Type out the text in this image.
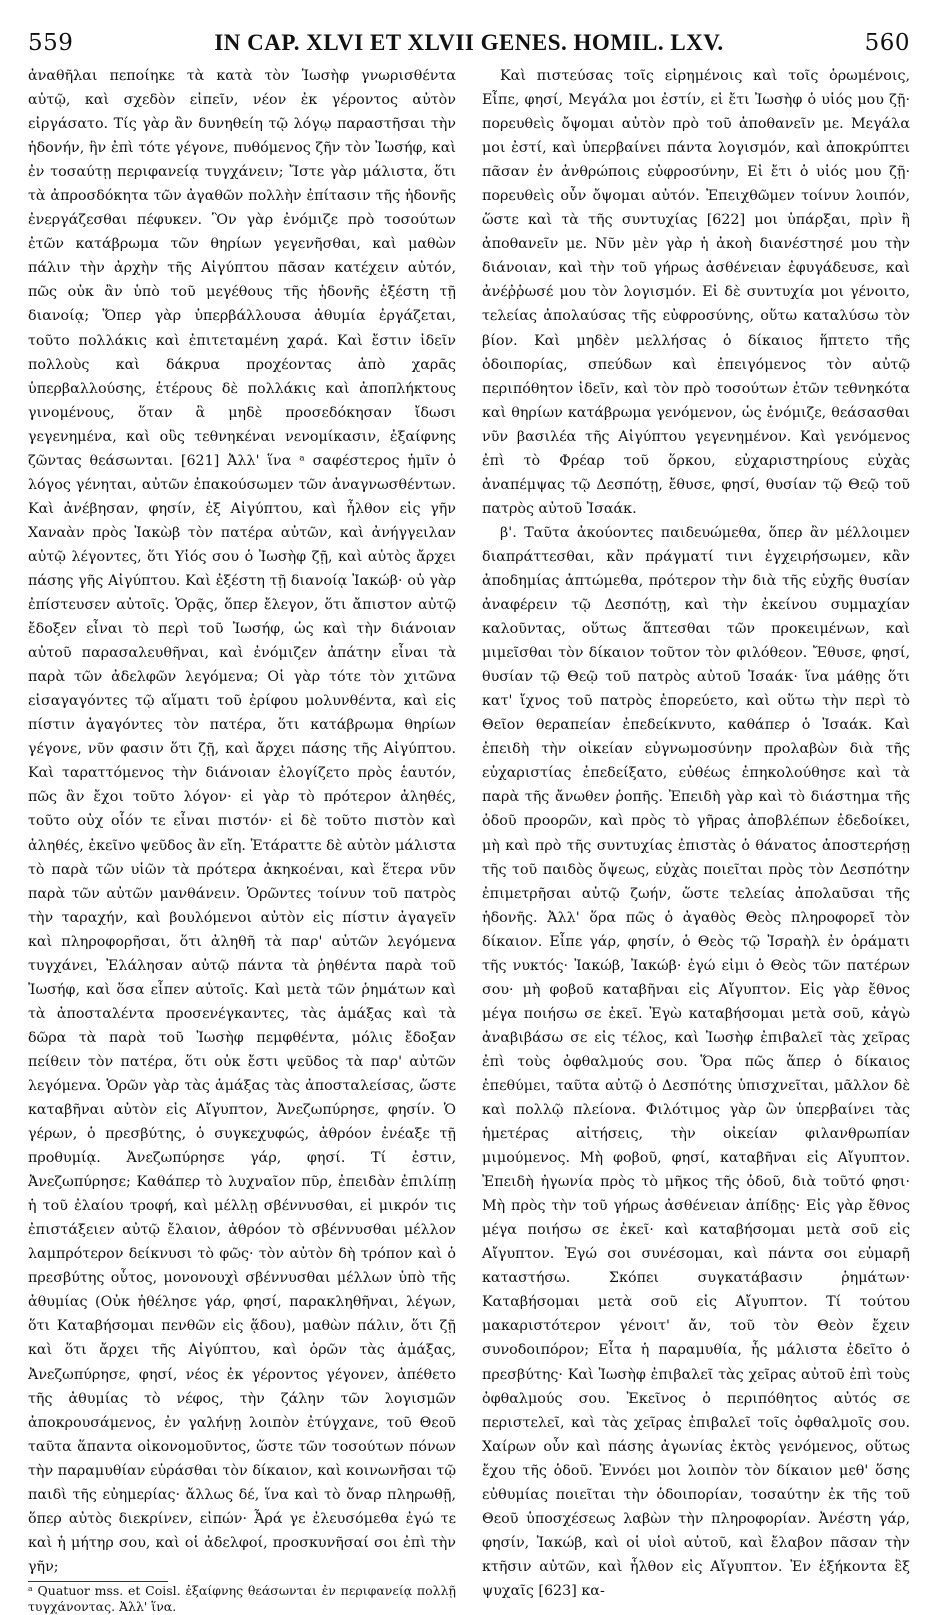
559	IN CAP. XLVI ET XLVII GENES. HOMIL. LXV.	560

ἀναθῆλαι πεποίηκε τὰ κατὰ τὸν Ἰωσὴφ γνωρισθέντα αὐτῷ, καὶ σχεδὸν εἰπεῖν, νέον ἐκ γέροντος αὐτὸν εἰργάσατο. Τίς γὰρ ἂν δυνηθείη τῷ λόγῳ παραστῆσαι τὴν ἡδονήν, ἣν ἐπὶ τότε γέγονε, πυθόμενος ζῆν τὸν Ἰωσήφ, καὶ ἐν τοσαύτῃ περιφανείᾳ τυγχάνειν; Ἴστε γὰρ μάλιστα, ὅτι τὰ ἀπροσδόκητα τῶν ἀγαθῶν πολλὴν ἐπίτασιν τῆς ἡδονῆς ἐνεργάζεσθαι πέφυκεν. Ὃν γὰρ ἐνόμιζε πρὸ τοσούτων ἐτῶν κατάβρωμα τῶν θηρίων γεγενῆσθαι, καὶ μαθὼν πάλιν τὴν ἀρχὴν τῆς Αἰγύπτου πᾶσαν κατέχειν αὐτόν, πῶς οὐκ ἂν ὑπὸ τοῦ μεγέθους τῆς ἡδονῆς ἐξέστη τῇ διανοίᾳ; Ὅπερ γὰρ ὑπερβάλλουσα ἀθυμία ἐργάζεται, τοῦτο πολλάκις καὶ ἐπιτεταμένη χαρά. Καὶ ἔστιν ἰδεῖν πολλοὺς καὶ δάκρυα προχέοντας ἀπὸ χαρᾶς ὑπερβαλλούσης, ἑτέρους δὲ πολλάκις καὶ ἀποπλήκτους γινομένους, ὅταν ἃ μηδὲ προσεδόκησαν ἴδωσι γεγενημένα, καὶ οὓς τεθνηκέναι νενομίκασιν, ἐξαίφνης ζῶντας θεάσωνται. [621] Ἀλλ' ἵνα ᵃ σαφέστερος ἡμῖν ὁ λόγος γένηται, αὐτῶν ἐπακούσωμεν τῶν ἀναγνωσθέντων. Καὶ ἀνέβησαν, φησίν, ἐξ Αἰγύπτου, καὶ ἦλθον εἰς γῆν Χαναὰν πρὸς Ἰακὼβ τὸν πατέρα αὐτῶν, καὶ ἀνήγγειλαν αὐτῷ λέγοντες, ὅτι Υἱός σου ὁ Ἰωσὴφ ζῇ, καὶ αὐτὸς ἄρχει πάσης γῆς Αἰγύπτου. Καὶ ἐξέστη τῇ διανοίᾳ Ἰακώβ· οὐ γὰρ ἐπίστευσεν αὐτοῖς. Ὁρᾷς, ὅπερ ἔλεγον, ὅτι ἄπιστον αὐτῷ ἔδοξεν εἶναι τὸ περὶ τοῦ Ἰωσήφ, ὡς καὶ τὴν διάνοιαν αὐτοῦ παρασαλευθῆναι, καὶ ἐνόμιζεν ἀπάτην εἶναι τὰ παρὰ τῶν ἀδελφῶν λεγόμενα; Οἱ γὰρ τότε τὸν χιτῶνα εἰσαγαγόντες τῷ αἵματι τοῦ ἐρίφου μολυνθέντα, καὶ εἰς πίστιν ἀγαγόντες τὸν πατέρα, ὅτι κατάβρωμα θηρίων γέγονε, νῦν φασιν ὅτι ζῇ, καὶ ἄρχει πάσης τῆς Αἰγύπτου. Καὶ ταραττόμενος τὴν διάνοιαν ἐλογίζετο πρὸς ἑαυτόν, πῶς ἂν ἔχοι τοῦτο λόγον· εἰ γὰρ τὸ πρότερον ἀληθές, τοῦτο οὐχ οἷόν τε εἶναι πιστόν· εἰ δὲ τοῦτο πιστὸν καὶ ἀληθές, ἐκεῖνο ψεῦδος ἂν εἴη. Ἐτάραττε δὲ αὐτὸν μάλιστα τὸ παρὰ τῶν υἱῶν τὰ πρότερα ἀκηκοέναι, καὶ ἕτερα νῦν παρὰ τῶν αὐτῶν μανθάνειν. Ὁρῶντες τοίνυν τοῦ πατρὸς τὴν ταραχήν, καὶ βουλόμενοι αὐτὸν εἰς πίστιν ἀγαγεῖν καὶ πληροφορῆσαι, ὅτι ἀληθῆ τὰ παρ' αὐτῶν λεγόμενα τυγχάνει, Ἐλάλησαν αὐτῷ πάντα τὰ ῥηθέντα παρὰ τοῦ Ἰωσήφ, καὶ ὅσα εἶπεν αὐτοῖς. Καὶ μετὰ τῶν ῥημάτων καὶ τὰ ἀποσταλέντα προσενέγκαντες, τὰς ἁμάξας καὶ τὰ δῶρα τὰ παρὰ τοῦ Ἰωσὴφ πεμφθέντα, μόλις ἔδοξαν πείθειν τὸν πατέρα, ὅτι οὐκ ἔστι ψεῦδος τὰ παρ' αὐτῶν λεγόμενα. Ὁρῶν γὰρ τὰς ἁμάξας τὰς ἀποσταλείσας, ὥστε καταβῆναι αὐτὸν εἰς Αἴγυπτον, Ἀνεζωπύρησε, φησίν. Ὁ γέρων, ὁ πρεσβύτης, ὁ συγκεχυφώς, ἀθρόον ἐνέαξε τῇ προθυμίᾳ. Ἀνεζωπύρησε γάρ, φησί. Τί ἐστιν, Ἀνεζωπύρησε; Καθάπερ τὸ λυχναῖον πῦρ, ἐπειδὰν ἐπιλίπῃ ἡ τοῦ ἐλαίου τροφή, καὶ μέλλῃ σβέννυσθαι, εἰ μικρόν τις ἐπιστάξειεν αὐτῷ ἔλαιον, ἀθρόον τὸ σβέννυσθαι μέλλον λαμπρότερον δείκνυσι τὸ φῶς· τὸν αὐτὸν δὴ τρόπον καὶ ὁ πρεσβύτης οὗτος, μονονουχὶ σβέννυσθαι μέλλων ὑπὸ τῆς ἀθυμίας (Οὐκ ἠθέλησε γάρ, φησί, παρακληθῆναι, λέγων, ὅτι Καταβήσομαι πενθῶν εἰς ᾅδου), μαθὼν πάλιν, ὅτι ζῇ καὶ ὅτι ἄρχει τῆς Αἰγύπτου, καὶ ὁρῶν τὰς ἁμάξας, Ἀνεζωπύρησε, φησί, νέος ἐκ γέροντος γέγονεν, ἀπέθετο τῆς ἀθυμίας τὸ νέφος, τὴν ζάλην τῶν λογισμῶν ἀποκρουσάμενος, ἐν γαλήνῃ λοιπὸν ἐτύγχανε, τοῦ Θεοῦ ταῦτα ἅπαντα οἰκονομοῦντος, ὥστε τῶν τοσούτων πόνων τὴν παραμυθίαν εὑράσθαι τὸν δίκαιον, καὶ κοινωνῆσαι τῷ παιδὶ τῆς εὐημερίας· ἄλλως δέ, ἵνα καὶ τὸ ὄναρ πληρωθῇ, ὅπερ αὐτὸς διεκρίνεν, εἰπών· Ἆρά γε ἐλευσόμεθα ἐγώ τε καὶ ἡ μήτηρ σου, καὶ οἱ ἀδελφοί, προσκυνῆσαί σοι ἐπὶ τὴν γῆν;

ᵃ Quatuor mss. et Coisl. ἐξαίφνης θεάσωνται ἐν περιφανείᾳ πολλῇ τυγχάνοντας. Ἀλλ' ἵνα.

Καὶ πιστεύσας τοῖς εἰρημένοις καὶ τοῖς ὁρωμένοις, Εἶπε, φησί, Μεγάλα μοι ἐστίν, εἰ ἔτι Ἰωσὴφ ὁ υἱός μου ζῇ· πορευθεὶς ὄψομαι αὐτὸν πρὸ τοῦ ἀποθανεῖν με. Μεγάλα μοι ἐστί, καὶ ὑπερβαίνει πάντα λογισμόν, καὶ ἀποκρύπτει πᾶσαν ἐν ἀνθρώποις εὐφροσύνην, Εἰ ἔτι ὁ υἱός μου ζῇ· πορευθεὶς οὖν ὄψομαι αὐτόν. Ἐπειχθῶμεν τοίνυν λοιπόν, ὥστε καὶ τὰ τῆς συντυχίας [622] μοι ὑπάρξαι, πρὶν ἢ ἀποθανεῖν με. Νῦν μὲν γὰρ ἡ ἀκοὴ διανέστησέ μου τὴν διάνοιαν, καὶ τὴν τοῦ γήρως ἀσθένειαν ἐφυγάδευσε, καὶ ἀνέῤῥωσέ μου τὸν λογισμόν. Εἰ δὲ συντυχία μοι γένοιτο, τελείας ἀπολαύσας τῆς εὐφροσύνης, οὕτω καταλύσω τὸν βίον. Καὶ μηδὲν μελλήσας ὁ δίκαιος ἥπτετο τῆς ὁδοιπορίας, σπεύδων καὶ ἐπειγόμενος τὸν αὐτῷ περιπόθητον ἰδεῖν, καὶ τὸν πρὸ τοσούτων ἐτῶν τεθνηκότα καὶ θηρίων κατάβρωμα γενόμενον, ὡς ἐνόμιζε, θεάσασθαι νῦν βασιλέα τῆς Αἰγύπτου γεγενημένον. Καὶ γενόμενος ἐπὶ τὸ Φρέαρ τοῦ ὅρκου, εὐχαριστηρίους εὐχὰς ἀναπέμψας τῷ Δεσπότῃ, ἔθυσε, φησί, θυσίαν τῷ Θεῷ τοῦ πατρὸς αὐτοῦ Ἰσαάκ.

β'. Ταῦτα ἀκούοντες παιδευώμεθα, ὅπερ ἂν μέλλοιμεν διαπράττεσθαι, κἂν πράγματί τινι ἐγχειρήσωμεν, κἂν ἀποδημίας ἁπτώμεθα, πρότερον τὴν διὰ τῆς εὐχῆς θυσίαν ἀναφέρειν τῷ Δεσπότῃ, καὶ τὴν ἐκείνου συμμαχίαν καλοῦντας, οὕτως ἅπτεσθαι τῶν προκειμένων, καὶ μιμεῖσθαι τὸν δίκαιον τοῦτον τὸν φιλόθεον. Ἔθυσε, φησί, θυσίαν τῷ Θεῷ τοῦ πατρὸς αὐτοῦ Ἰσαάκ· ἵνα μάθῃς ὅτι κατ' ἴχνος τοῦ πατρὸς ἐπορεύετο, καὶ οὕτω τὴν περὶ τὸ Θεῖον θεραπείαν ἐπεδείκνυτο, καθάπερ ὁ Ἰσαάκ. Καὶ ἐπειδὴ τὴν οἰκείαν εὐγνωμοσύνην προλαβὼν διὰ τῆς εὐχαριστίας ἐπεδείξατο, εὐθέως ἐπηκολούθησε καὶ τὰ παρὰ τῆς ἄνωθεν ῥοπῆς. Ἐπειδὴ γὰρ καὶ τὸ διάστημα τῆς ὁδοῦ προορῶν, καὶ πρὸς τὸ γῆρας ἀποβλέπων ἐδεδοίκει, μὴ καὶ πρὸ τῆς συντυχίας ἐπιστὰς ὁ θάνατος ἀποστερήσῃ τῆς τοῦ παιδὸς ὄψεως, εὐχὰς ποιεῖται πρὸς τὸν Δεσπότην ἐπιμετρῆσαι αὐτῷ ζωήν, ὥστε τελείας ἀπολαῦσαι τῆς ἡδονῆς. Ἀλλ' ὅρα πῶς ὁ ἀγαθὸς Θεὸς πληροφορεῖ τὸν δίκαιον. Εἶπε γάρ, φησίν, ὁ Θεὸς τῷ Ἰσραὴλ ἐν ὁράματι τῆς νυκτός· Ἰακώβ, Ἰακώβ· ἐγώ εἰμι ὁ Θεὸς τῶν πατέρων σου· μὴ φοβοῦ καταβῆναι εἰς Αἴγυπτον. Εἰς γὰρ ἔθνος μέγα ποιήσω σε ἐκεῖ. Ἐγὼ καταβήσομαι μετὰ σοῦ, κἀγὼ ἀναβιβάσω σε εἰς τέλος, καὶ Ἰωσὴφ ἐπιβαλεῖ τὰς χεῖρας ἐπὶ τοὺς ὀφθαλμούς σου. Ὅρα πῶς ἅπερ ὁ δίκαιος ἐπεθύμει, ταῦτα αὐτῷ ὁ Δεσπότης ὑπισχνεῖται, μᾶλλον δὲ καὶ πολλῷ πλείονα. Φιλότιμος γὰρ ὢν ὑπερβαίνει τὰς ἡμετέρας αἰτήσεις, τὴν οἰκείαν φιλανθρωπίαν μιμούμενος. Μὴ φοβοῦ, φησί, καταβῆναι εἰς Αἴγυπτον. Ἐπειδὴ ἠγωνία πρὸς τὸ μῆκος τῆς ὁδοῦ, διὰ τοῦτό φησι· Μὴ πρὸς τὴν τοῦ γήρως ἀσθένειαν ἀπίδῃς· Εἰς γὰρ ἔθνος μέγα ποιήσω σε ἐκεῖ· καὶ καταβήσομαι μετὰ σοῦ εἰς Αἴγυπτον. Ἐγώ σοι συνέσομαι, καὶ πάντα σοι εὐμαρῆ καταστήσω. Σκόπει συγκατάβασιν ῥημάτων· Καταβήσομαι μετὰ σοῦ εἰς Αἴγυπτον. Τί τούτου μακαριστότερον γένοιτ' ἄν, τοῦ τὸν Θεὸν ἔχειν συνοδοιπόρον; Εἶτα ἡ παραμυθία, ἧς μάλιστα ἐδεῖτο ὁ πρεσβύτης· Καὶ Ἰωσὴφ ἐπιβαλεῖ τὰς χεῖρας αὐτοῦ ἐπὶ τοὺς ὀφθαλμούς σου. Ἐκεῖνος ὁ περιπόθητος αὐτός σε περιστελεῖ, καὶ τὰς χεῖρας ἐπιβαλεῖ τοῖς ὀφθαλμοῖς σου. Χαίρων οὖν καὶ πάσης ἀγωνίας ἐκτὸς γενόμενος, οὕτως ἔχου τῆς ὁδοῦ. Ἐννόει μοι λοιπὸν τὸν δίκαιον μεθ' ὅσης εὐθυμίας ποιεῖται τὴν ὁδοιπορίαν, τοσαύτην ἐκ τῆς τοῦ Θεοῦ ὑποσχέσεως λαβὼν τὴν πληροφορίαν. Ἀνέστη γάρ, φησίν, Ἰακώβ, καὶ οἱ υἱοὶ αὐτοῦ, καὶ ἔλαβον πᾶσαν τὴν κτῆσιν αὐτῶν, καὶ ἦλθον εἰς Αἴγυπτον. Ἐν ἑξήκοντα ἓξ ψυχαῖς [623] κα-
